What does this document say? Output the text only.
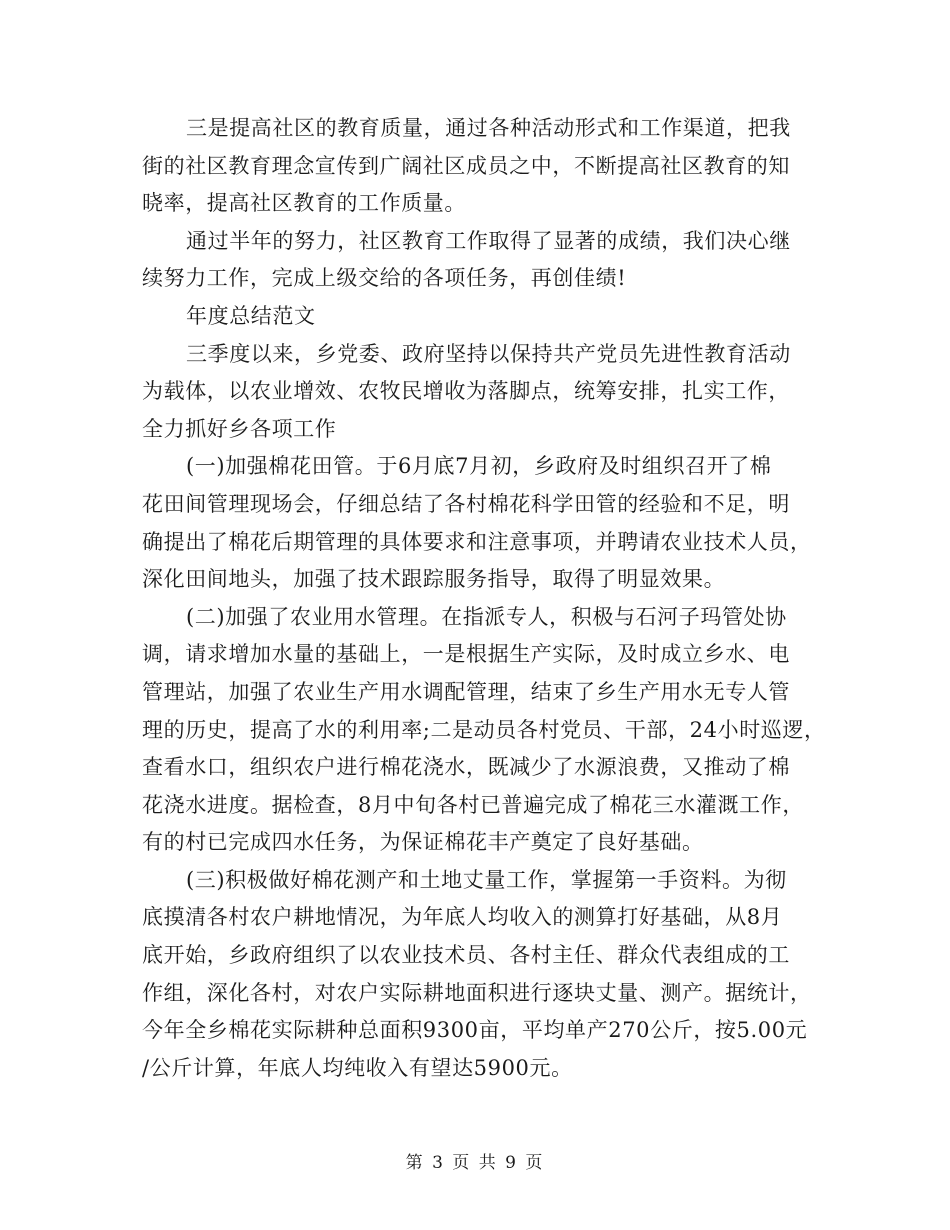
三是提高社区的教育质量，通过各种活动形式和工作渠道，把我
街的社区教育理念宣传到广阔社区成员之中，不断提高社区教育的知
晓率，提高社区教育的工作质量。
通过半年的努力，社区教育工作取得了显著的成绩，我们决心继
续努力工作，完成上级交给的各项任务，再创佳绩!
年度总结范文
三季度以来，乡党委、政府坚持以保持共产党员先进性教育活动
为载体，以农业增效、农牧民增收为落脚点，统筹安排，扎实工作，
全力抓好乡各项工作
(一)加强棉花田管。于6月底7月初，乡政府及时组织召开了棉
花田间管理现场会，仔细总结了各村棉花科学田管的经验和不足，明
确提出了棉花后期管理的具体要求和注意事项，并聘请农业技术人员，
深化田间地头，加强了技术跟踪服务指导，取得了明显效果。
(二)加强了农业用水管理。在指派专人，积极与石河子玛管处协
调，请求增加水量的基础上，一是根据生产实际，及时成立乡水、电
管理站，加强了农业生产用水调配管理，结束了乡生产用水无专人管
理的历史，提高了水的利用率;二是动员各村党员、干部，24小时巡逻，
查看水口，组织农户进行棉花浇水，既减少了水源浪费，又推动了棉
花浇水进度。据检查，8月中旬各村已普遍完成了棉花三水灌溉工作，
有的村已完成四水任务，为保证棉花丰产奠定了良好基础。
(三)积极做好棉花测产和土地丈量工作，掌握第一手资料。为彻
底摸清各村农户耕地情况，为年底人均收入的测算打好基础，从8月
底开始，乡政府组织了以农业技术员、各村主任、群众代表组成的工
作组，深化各村，对农户实际耕地面积进行逐块丈量、测产。据统计，
今年全乡棉花实际耕种总面积9300亩，平均单产270公斤，按5.00元
/公斤计算，年底人均纯收入有望达5900元。
第 3 页 共 9 页
